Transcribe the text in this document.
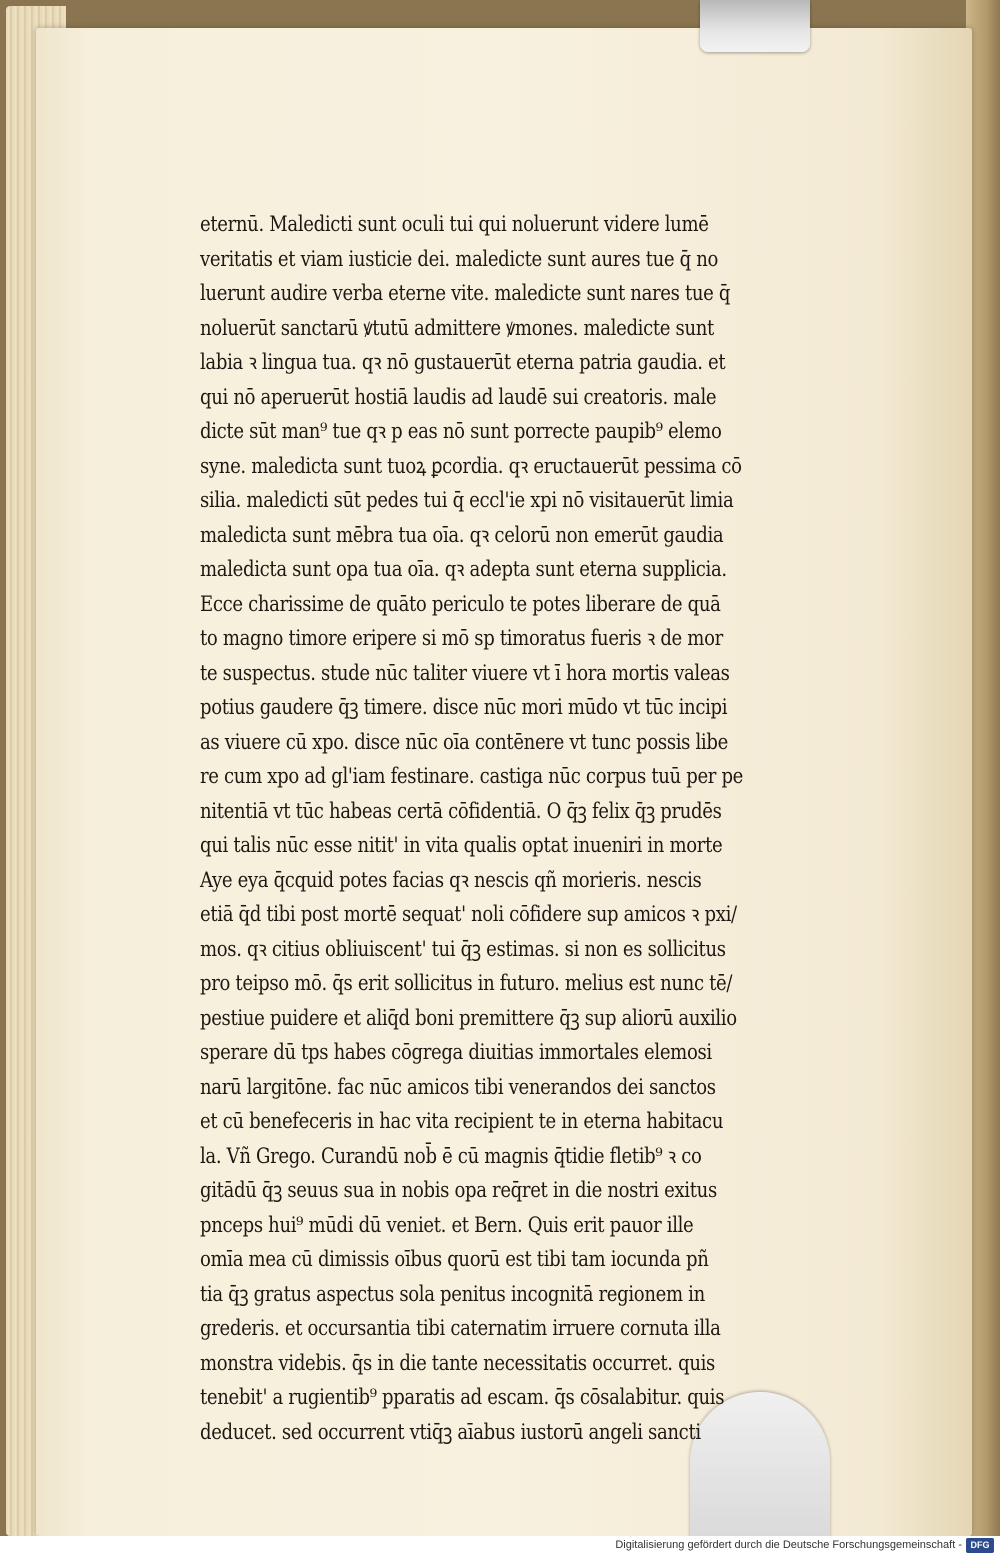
eternū. Maledicti sunt oculi tui qui noluerunt videre lumē
veritatis et viam iusticie dei. maledicte sunt aures tue q̄ no
luerunt audire verba eterne vite. maledicte sunt nares tue q̄
noluerūt sanctarū ꝟtutū admittere ꝟmones. maledicte sunt
labia ꝛ lingua tua. qꝛ nō gustauerūt eterna patria gaudia. et
qui nō aperuerūt hostiā laudis ad laudē sui creatoris. male
dicte sūt man⁹ tue qꝛ p eas nō sunt porrecte paupib⁹ elemo
syne. maledicta sunt tuoꝝ ꝑcordia. qꝛ eructauerūt pessima cō
silia. maledicti sūt pedes tui q̄ eccl'ie xpi nō visitauerūt limia
maledicta sunt mēbra tua oīa. qꝛ celorū non emerūt gaudia
maledicta sunt opa tua oīa. qꝛ adepta sunt eterna supplicia.
Ecce charissime de quāto periculo te potes liberare de quā
to magno timore eripere si mō sp timoratus fueris ꝛ de mor
te suspectus. stude nūc taliter viuere vt ī hora mortis valeas
potius gaudere q̄ꝫ timere. disce nūc mori mūdo vt tūc incipi
as viuere cū xpo. disce nūc oīa contēnere vt tunc possis libe
re cum xpo ad gl'iam festinare. castiga nūc corpus tuū per pe
nitentiā vt tūc habeas certā cōfidentiā. O q̄ꝫ felix q̄ꝫ prudēs
qui talis nūc esse nitit' in vita qualis optat inueniri in morte
Aye eya q̄cquid potes facias qꝛ nescis qñ morieris. nescis
etiā q̄d tibi post mortē sequat' noli cōfidere sup amicos ꝛ pxi/
mos. qꝛ citius obliuiscent' tui q̄ꝫ estimas. si non es sollicitus
pro teipso mō. q̄s erit sollicitus in futuro. melius est nunc tē/
pestiue puidere et aliq̄d boni premittere q̄ꝫ sup aliorū auxilio
sperare dū tps habes cōgrega diuitias immortales elemosi
narū largitōne. fac nūc amicos tibi venerandos dei sanctos
et cū benefeceris in hac vita recipient te in eterna habitacu
la. Vñ Grego. Curandū nob̄ ē cū magnis q̄tidie fletib⁹ ꝛ co
gitādū q̄ꝫ seuus sua in nobis opa req̄ret in die nostri exitus
pnceps hui⁹ mūdi dū veniet. et Bern. Quis erit pauor ille
omīa mea cū dimissis oībus quorū est tibi tam iocunda pñ
tia q̄ꝫ gratus aspectus sola penitus incognitā regionem in
grederis. et occursantia tibi caternatim irruere cornuta illa
monstra videbis. q̄s in die tante necessitatis occurret. quis
tenebit' a rugientib⁹ pparatis ad escam. q̄s cōsalabitur. quis
deducet. sed occurrent vtiq̄ꝫ aīabus iustorū angeli sancti
Digitalisierung gefördert durch die Deutsche Forschungsgemeinschaft - DFG
